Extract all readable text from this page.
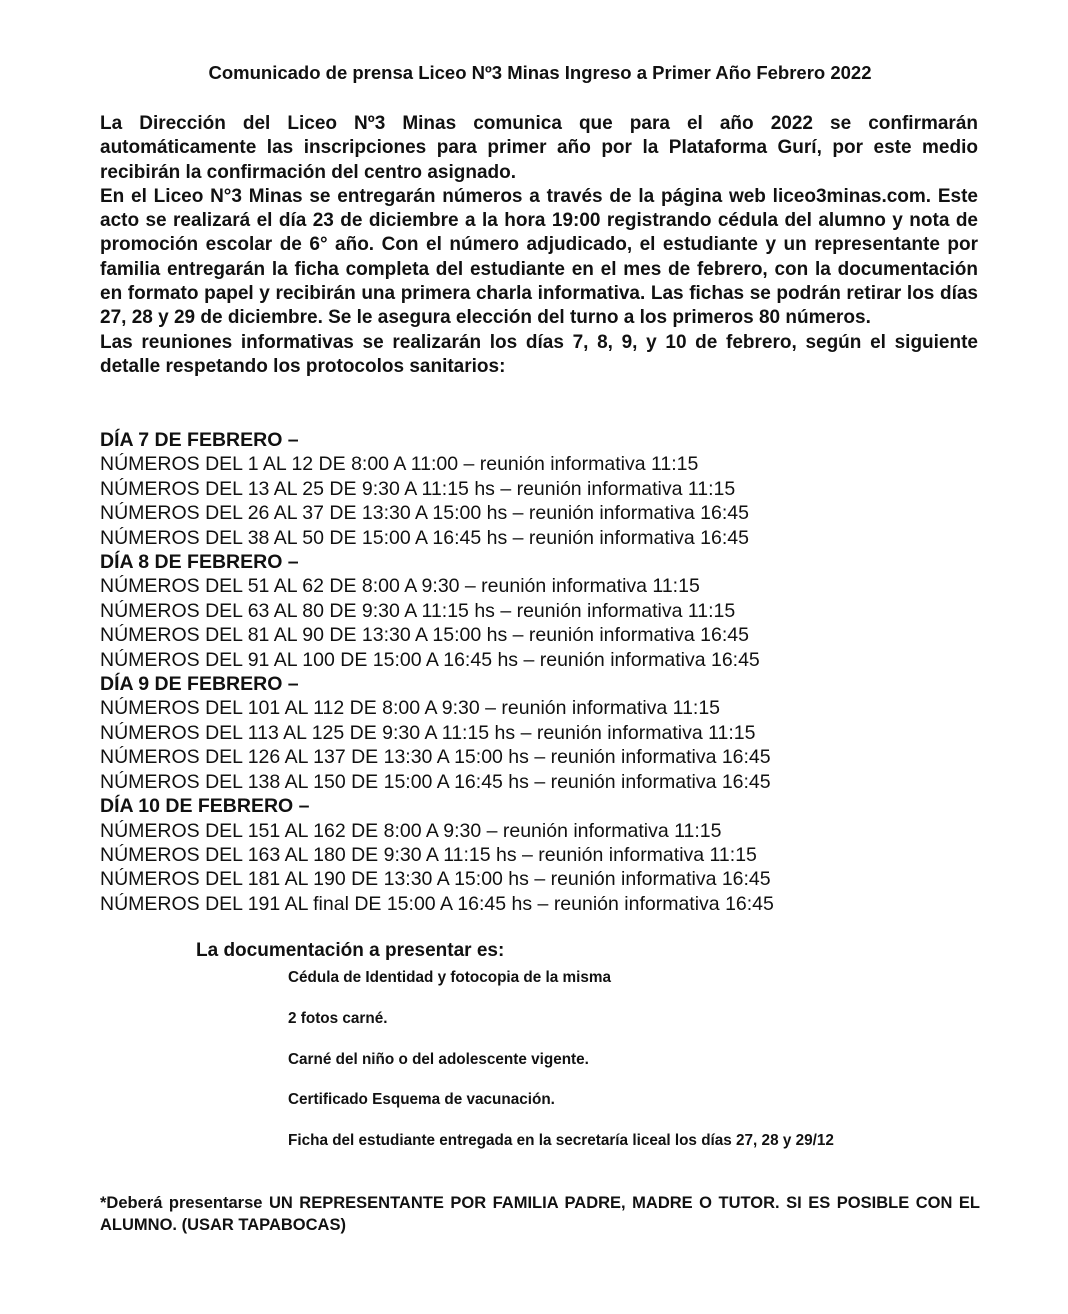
Comunicado de prensa Liceo Nº3 Minas Ingreso a Primer Año Febrero 2022

La Dirección del Liceo Nº3 Minas comunica que para el año 2022 se confirmarán automáticamente las inscripciones para primer año por la Plataforma Gurí, por este medio recibirán la confirmación del centro asignado.

En el Liceo N°3 Minas se entregarán números a través de la página web liceo3minas.com. Este acto se realizará el día 23 de diciembre a la hora 19:00 registrando cédula del alumno y nota de promoción escolar de 6° año. Con el número adjudicado, el estudiante y un representante por familia entregarán la ficha completa del estudiante en el mes de febrero, con la documentación en formato papel y recibirán una primera charla informativa. Las fichas se podrán retirar los días 27, 28 y 29 de diciembre. Se le asegura elección del turno a los primeros 80 números.

Las reuniones informativas se realizarán los días 7, 8, 9, y 10 de febrero, según el siguiente detalle respetando los protocolos sanitarios:

DÍA 7 DE FEBRERO –
NÚMEROS DEL 1 AL 12 DE 8:00 A 11:00 – reunión informativa 11:15
NÚMEROS DEL 13 AL 25 DE 9:30 A 11:15 hs – reunión informativa 11:15
NÚMEROS DEL 26 AL 37 DE 13:30 A 15:00 hs – reunión informativa 16:45
NÚMEROS DEL 38 AL 50 DE 15:00 A 16:45 hs – reunión informativa 16:45
DÍA 8 DE FEBRERO –
NÚMEROS DEL 51 AL 62 DE 8:00 A 9:30 – reunión informativa 11:15
NÚMEROS DEL 63 AL 80 DE 9:30 A 11:15 hs – reunión informativa 11:15
NÚMEROS DEL 81 AL 90 DE 13:30 A 15:00 hs – reunión informativa 16:45
NÚMEROS DEL 91 AL 100 DE 15:00 A 16:45 hs – reunión informativa 16:45
DÍA 9 DE FEBRERO –
NÚMEROS DEL 101 AL 112 DE 8:00 A 9:30 – reunión informativa 11:15
NÚMEROS DEL 113 AL 125 DE 9:30 A 11:15 hs – reunión informativa 11:15
NÚMEROS DEL 126 AL 137 DE 13:30 A 15:00 hs – reunión informativa 16:45
NÚMEROS DEL 138 AL 150 DE 15:00 A 16:45 hs – reunión informativa 16:45
DÍA 10 DE FEBRERO –
NÚMEROS DEL 151 AL 162 DE 8:00 A 9:30 – reunión informativa 11:15
NÚMEROS DEL 163 AL 180 DE 9:30 A 11:15 hs – reunión informativa 11:15
NÚMEROS DEL 181 AL 190 DE 13:30 A 15:00 hs – reunión informativa 16:45
NÚMEROS DEL 191 AL final DE 15:00 A 16:45 hs – reunión informativa 16:45
La documentación a presentar es:
Cédula de Identidad y fotocopia de la misma
2 fotos carné.
Carné del niño o del adolescente vigente.
Certificado Esquema de vacunación.
Ficha del estudiante entregada en la secretaría liceal los días 27, 28 y 29/12
*Deberá presentarse UN REPRESENTANTE POR FAMILIA PADRE, MADRE O TUTOR. SI ES POSIBLE CON EL ALUMNO. (USAR TAPABOCAS)
